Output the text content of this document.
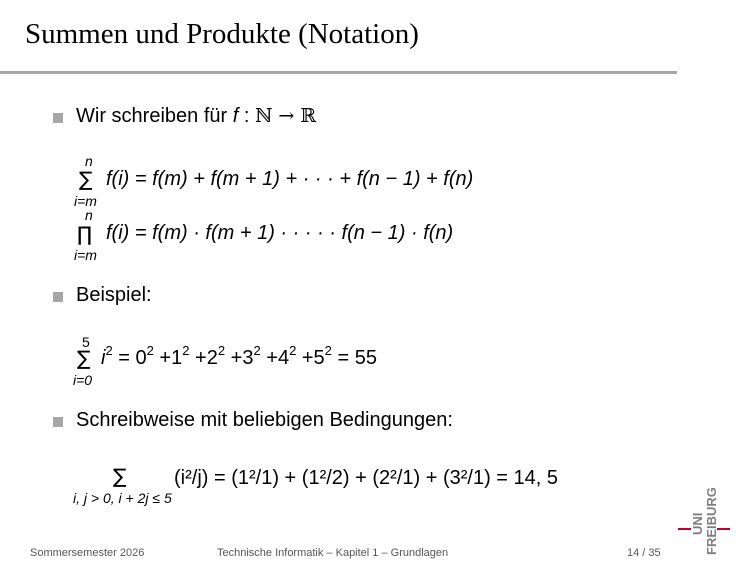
Summen und Produkte (Notation)
Wir schreiben für f : ℕ → ℝ
n
∑
i=m
f(i) = f(m) + f(m + 1) + · · · + f(n − 1) + f(n)
n
∏
i=m
f(i) = f(m) · f(m + 1) · · · · · f(n − 1) · f(n)
Beispiel:
5
∑
i=0
$i^2 = 0^2 +1^2 +2^2 +3^2 +4^2 +5^2 = 55$
Schreibweise mit beliebigen Bedingungen:
∑
i, j > 0, i + 2j ≤ 5
(i²/j) = (1²/1) + (1²/2) + (2²/1) + (3²/1) = 14, 5
Sommersemester 2026	Technische Informatik – Kapitel 1 – Grundlagen	14 / 35
UNI FREIBURG
